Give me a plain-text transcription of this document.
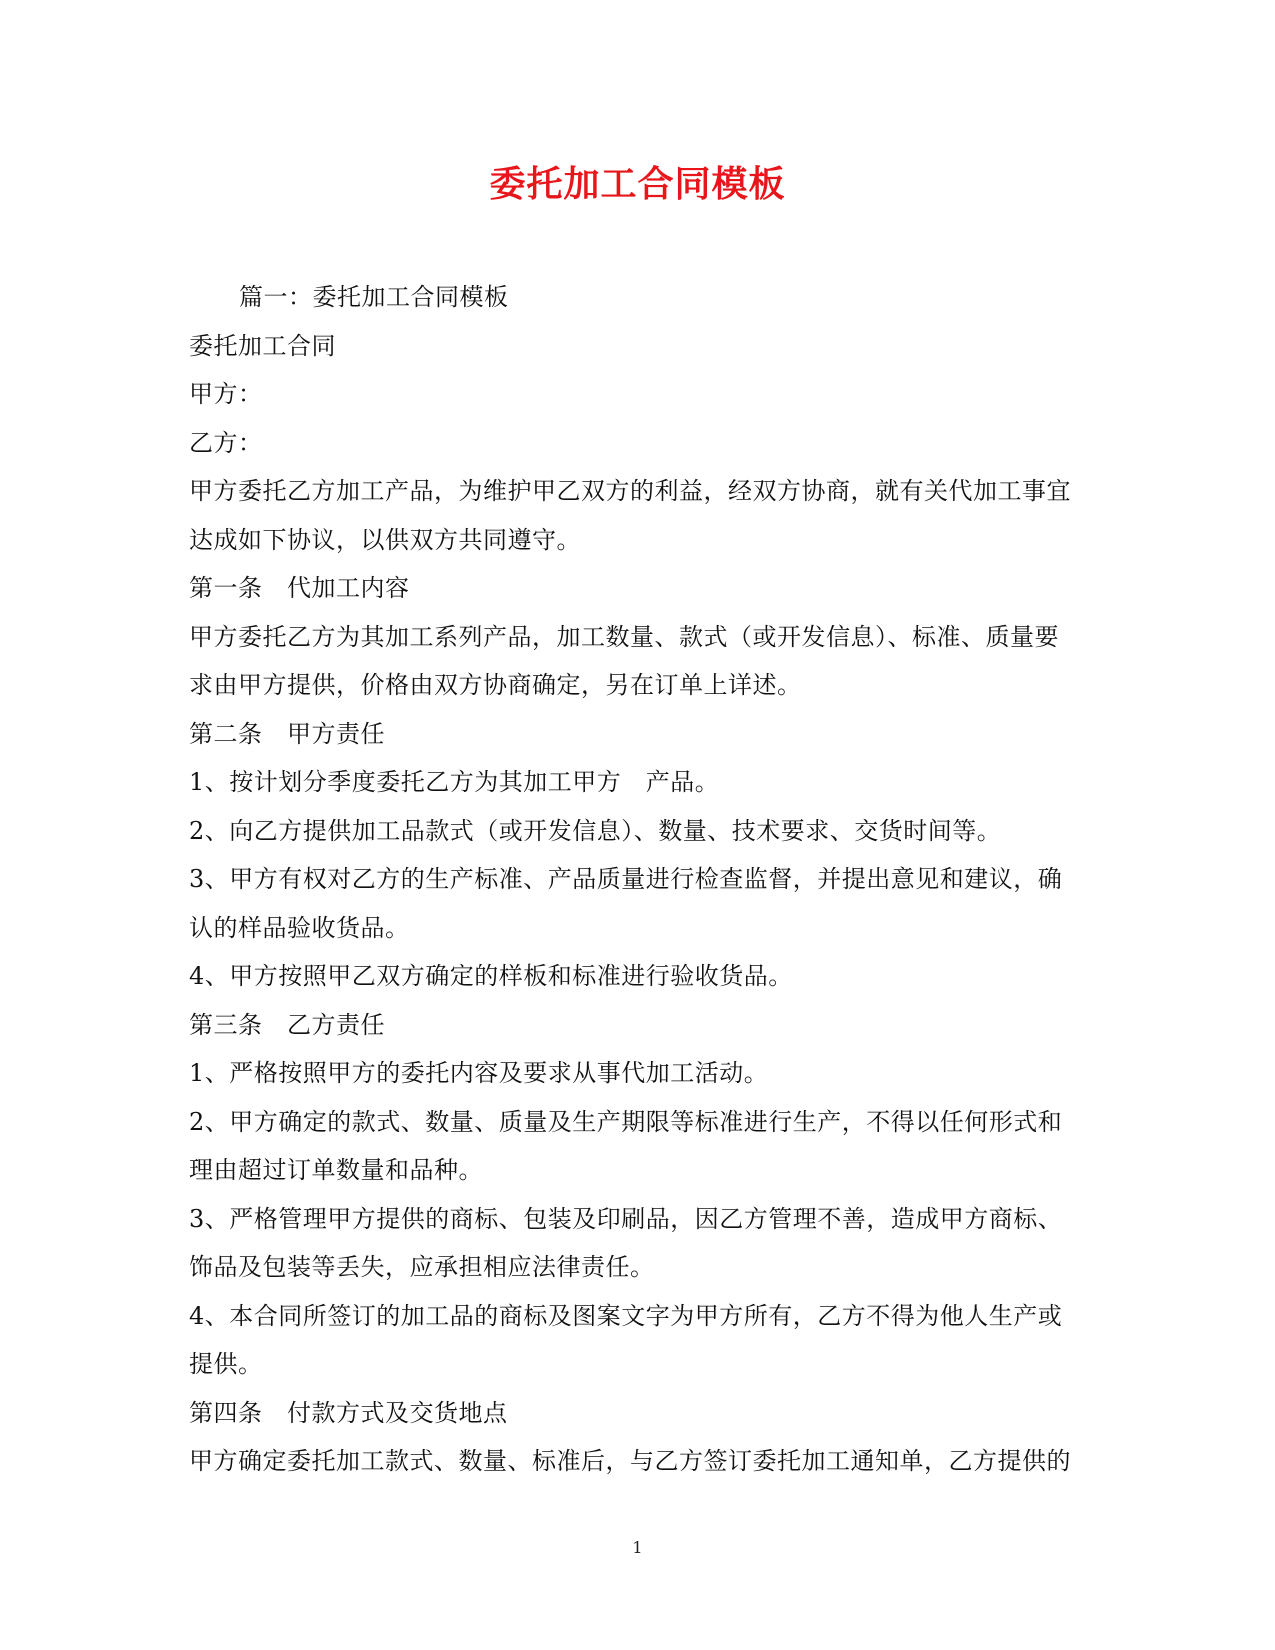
委托加工合同模板
篇一：委托加工合同模板
委托加工合同
甲方：
乙方：
甲方委托乙方加工产品，为维护甲乙双方的利益，经双方协商，就有关代加工事宜
达成如下协议，以供双方共同遵守。
第一条　代加工内容
甲方委托乙方为其加工系列产品，加工数量、款式（或开发信息）、标准、质量要
求由甲方提供，价格由双方协商确定，另在订单上详述。
第二条　甲方责任
1、按计划分季度委托乙方为其加工甲方　产品。
2、向乙方提供加工品款式（或开发信息）、数量、技术要求、交货时间等。
3、甲方有权对乙方的生产标准、产品质量进行检查监督，并提出意见和建议，确
认的样品验收货品。
4、甲方按照甲乙双方确定的样板和标准进行验收货品。
第三条　乙方责任
1、严格按照甲方的委托内容及要求从事代加工活动。
2、甲方确定的款式、数量、质量及生产期限等标准进行生产，不得以任何形式和
理由超过订单数量和品种。
3、严格管理甲方提供的商标、包装及印刷品，因乙方管理不善，造成甲方商标、
饰品及包装等丢失，应承担相应法律责任。
4、本合同所签订的加工品的商标及图案文字为甲方所有，乙方不得为他人生产或
提供。
第四条　付款方式及交货地点
甲方确定委托加工款式、数量、标准后，与乙方签订委托加工通知单，乙方提供的
1
